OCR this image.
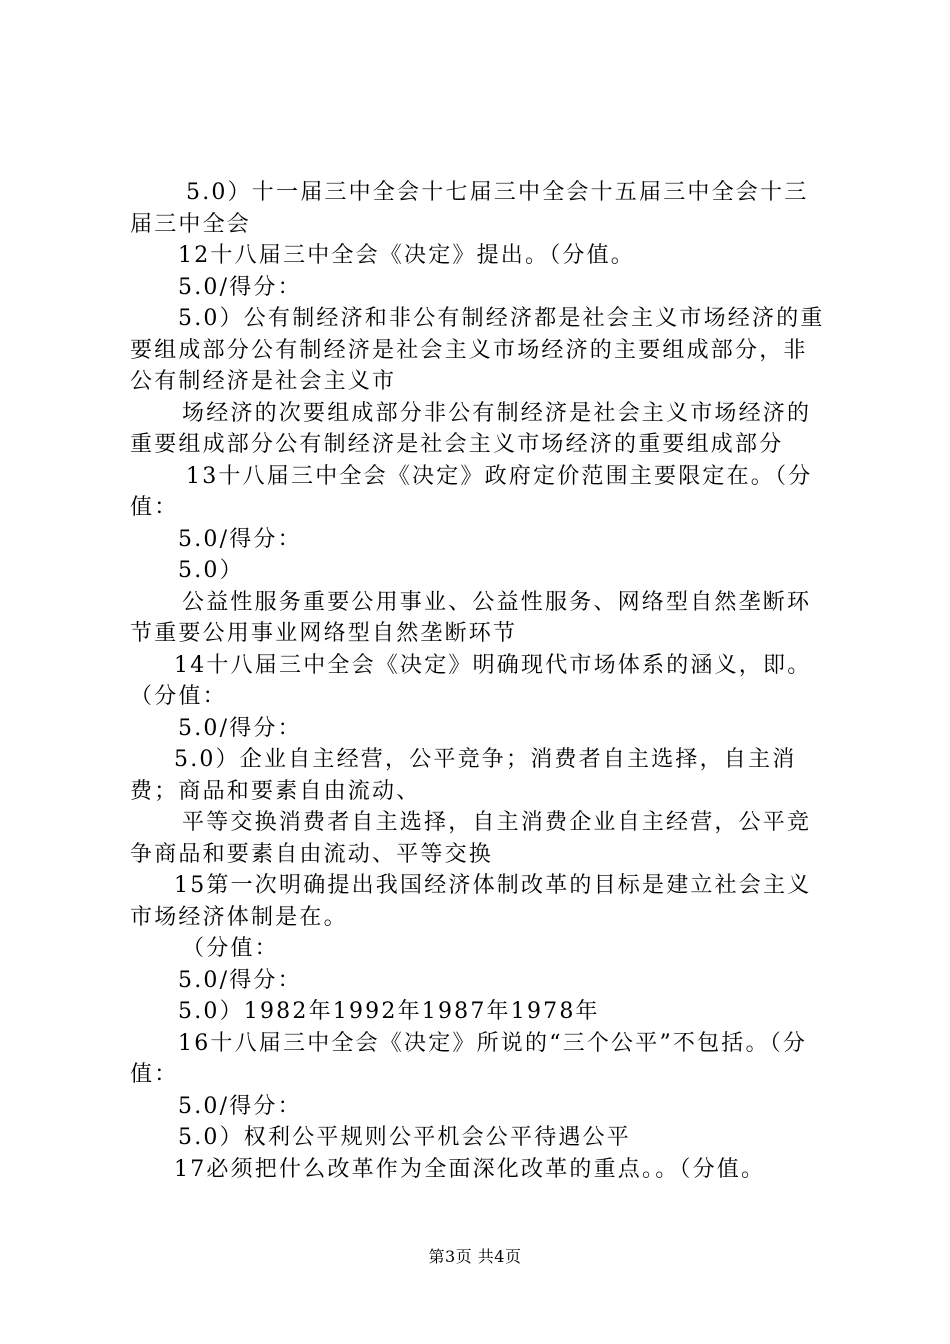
5.0）十一届三中全会十七届三中全会十五届三中全会十三届三中全会

12十八届三中全会《决定》提出。（分值。

5.0/得分：

5.0）公有制经济和非公有制经济都是社会主义市场经济的重要组成部分公有制经济是社会主义市场经济的主要组成部分，非公有制经济是社会主义市

场经济的次要组成部分非公有制经济是社会主义市场经济的重要组成部分公有制经济是社会主义市场经济的重要组成部分

13十八届三中全会《决定》政府定价范围主要限定在。（分值：

5.0/得分：

5.0）

公益性服务重要公用事业、公益性服务、网络型自然垄断环节重要公用事业网络型自然垄断环节

14十八届三中全会《决定》明确现代市场体系的涵义，即。（分值：

5.0/得分：

5.0）企业自主经营，公平竞争；消费者自主选择，自主消费；商品和要素自由流动、

平等交换消费者自主选择，自主消费企业自主经营，公平竞争商品和要素自由流动、平等交换

15第一次明确提出我国经济体制改革的目标是建立社会主义市场经济体制是在。

（分值：

5.0/得分：

5.0）1982年1992年1987年1978年

16十八届三中全会《决定》所说的“三个公平”不包括。（分值：

5.0/得分：

5.0）权利公平规则公平机会公平待遇公平

17必须把什么改革作为全面深化改革的重点。。（分值。

第3页 共4页
